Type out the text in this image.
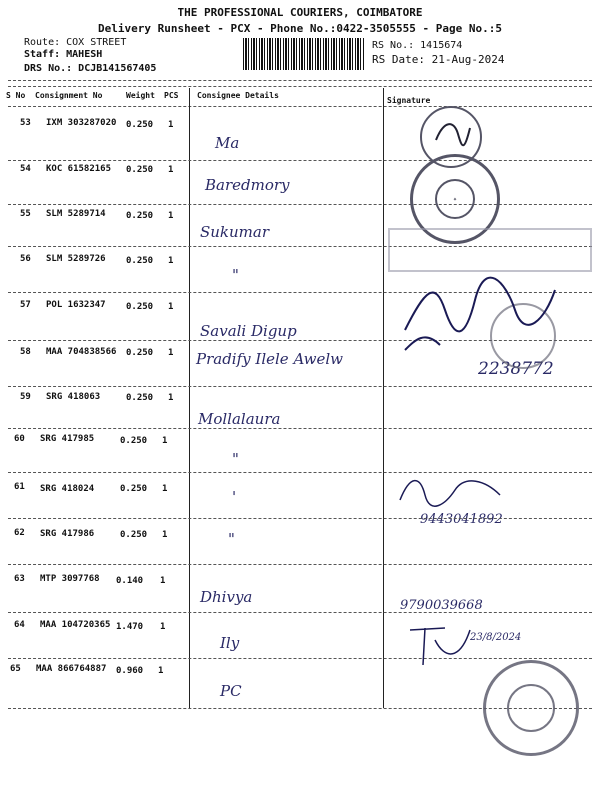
THE PROFESSIONAL COURIERS, COIMBATORE
Delivery Runsheet - PCX - Phone No.:0422-3505555 - Page No.:5
Route: COX STREET
Staff: MAHESH
DRS No.: DCJB141567405
RS No.: 1415674
RS Date: 21-Aug-2024
S No Consignment No	Weight PCS Consignee Details
Signature
53 IXM 303287020 0.250 1
Ma
54 KOC 61582165 0.250 1
Baredmory
55 SLM 5289714 0.250 1
Sukumar
56 SLM 5289726 0.250 1
"
57 POL 1632347 0.250 1
Savali Digup
58 MAA 704838566 0.250 1 Pradify Ilele Awelw	2238772
59 SRG 418063	0.250 1
Mollalaura
60 SRG 417985	0.250 1
"
61 SRG 418024	0.250 1	'
9443041892
62 SRG 417986	0.250 1	"
63 MTP 3097768 0.140 1
Dhivya	9790039668
64 MAA 104720365 1.470 1
Ily	23/8/2024
65 MAA 866764887 0.960 1
PC
✦
